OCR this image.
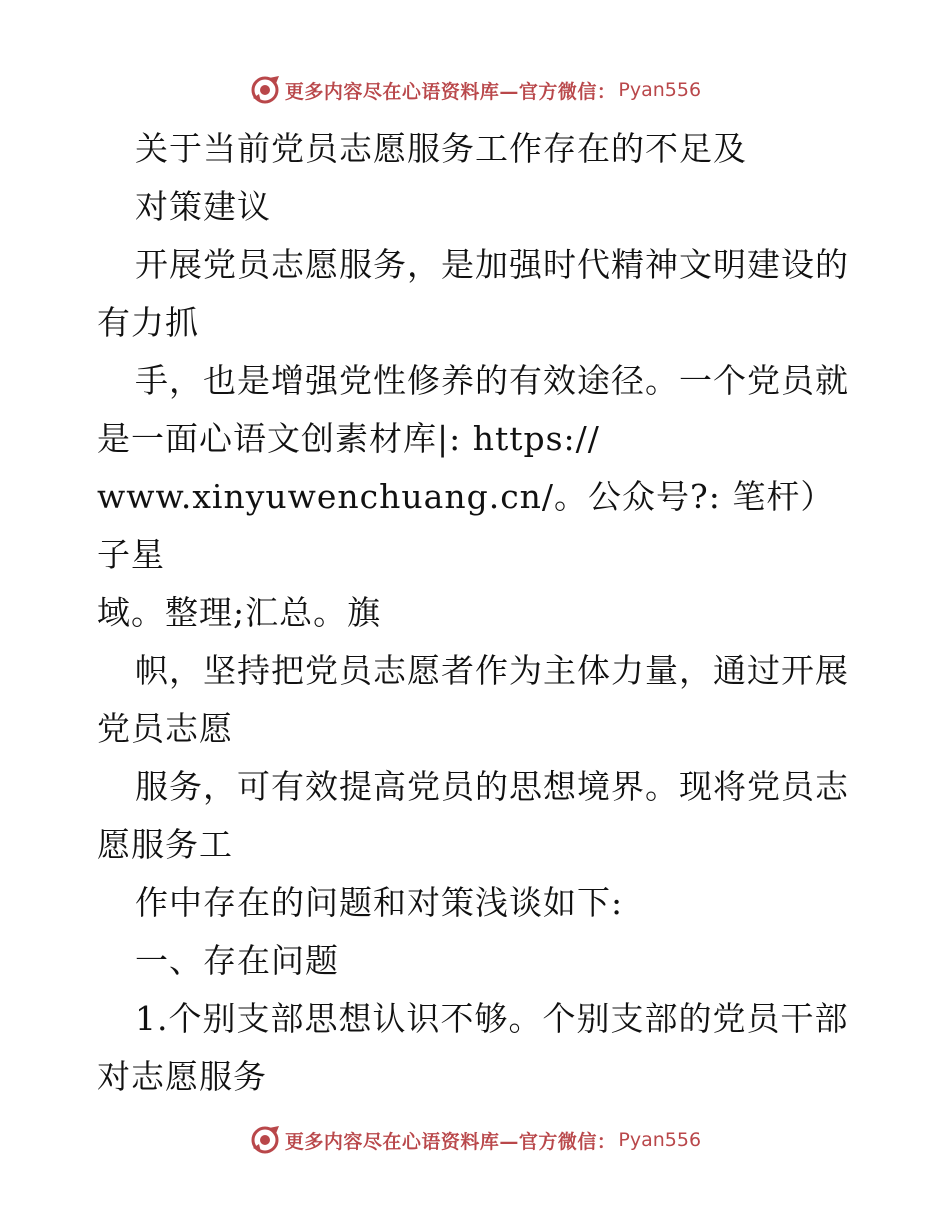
更多内容尽在心语资料库—官方微信： Pyan556

关于当前党员志愿服务工作存在的不足及

对策建议

开展党员志愿服务，是加强时代精神文明建设的

有力抓

手，也是增强党性修养的有效途径。一个党员就

是一面心语文创素材库|: https://

www.xinyuwenchuang.cn/。公众号?: 笔杆）子星

域。整理;汇总。旗

帜，坚持把党员志愿者作为主体力量，通过开展

党员志愿

服务，可有效提高党员的思想境界。现将党员志

愿服务工

作中存在的问题和对策浅谈如下:

一、存在问题

1.个别支部思想认识不够。个别支部的党员干部

对志愿服务

更多内容尽在心语资料库—官方微信： Pyan556
